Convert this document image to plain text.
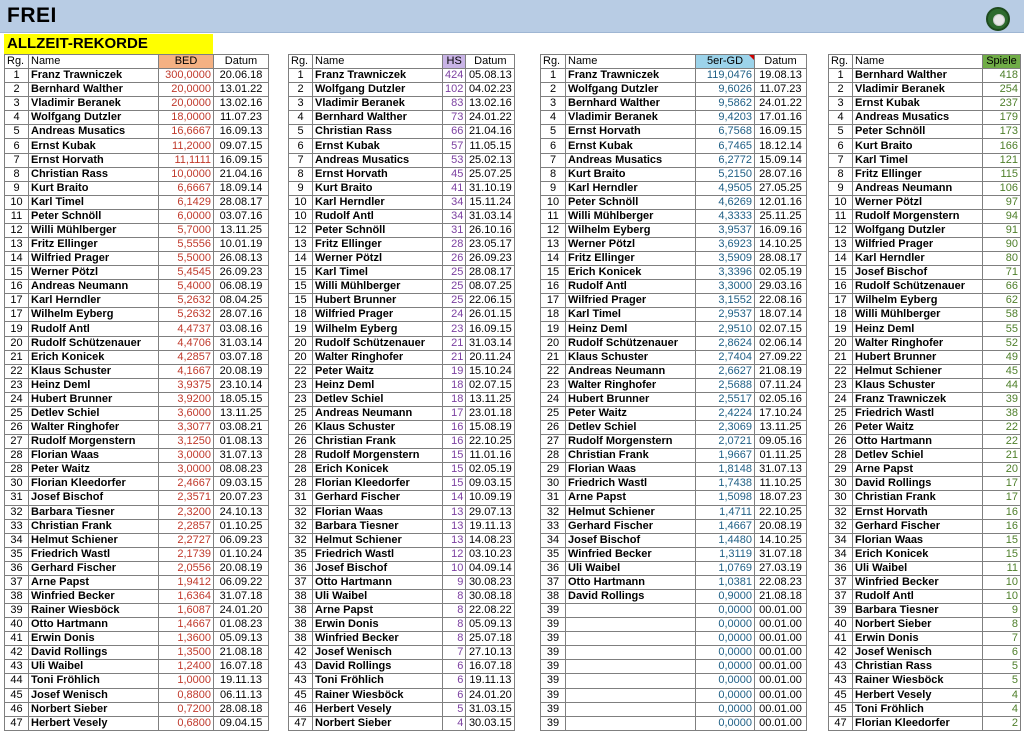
FREI
ALLZEIT-REKORDE
Rg.	Name	BED	Datum
1	Franz Trawniczek	300,0000	20.06.18
2	Bernhard Walther	20,0000	13.01.22
3	Vladimir Beranek	20,0000	13.02.16
4	Wolfgang Dutzler	18,0000	11.07.23
5	Andreas Musatics	16,6667	16.09.13
6	Ernst Kubak	11,2000	09.07.15
7	Ernst Horvath	11,1111	16.09.15
8	Christian Rass	10,0000	21.04.16
9	Kurt Braito	6,6667	18.09.14
10	Karl Timel	6,1429	28.08.17
11	Peter Schnöll	6,0000	03.07.16
12	Willi Mühlberger	5,7000	13.11.25
13	Fritz Ellinger	5,5556	10.01.19
14	Wilfried Prager	5,5000	26.08.13
15	Werner Pötzl	5,4545	26.09.23
16	Andreas Neumann	5,4000	06.08.19
17	Karl Herndler	5,2632	08.04.25
17	Wilhelm Eyberg	5,2632	28.07.16
19	Rudolf Antl	4,4737	03.08.16
20	Rudolf Schützenauer	4,4706	31.03.14
21	Erich Konicek	4,2857	03.07.18
22	Klaus Schuster	4,1667	20.08.19
23	Heinz Deml	3,9375	23.10.14
24	Hubert Brunner	3,9200	18.05.15
25	Detlev Schiel	3,6000	13.11.25
26	Walter Ringhofer	3,3077	03.08.21
27	Rudolf Morgenstern	3,1250	01.08.13
28	Florian Waas	3,0000	31.07.13
28	Peter Waitz	3,0000	08.08.23
30	Florian Kleedorfer	2,4667	09.03.15
31	Josef Bischof	2,3571	20.07.23
32	Barbara Tiesner	2,3200	24.10.13
33	Christian Frank	2,2857	01.10.25
34	Helmut Schiener	2,2727	06.09.23
35	Friedrich Wastl	2,1739	01.10.24
36	Gerhard Fischer	2,0556	20.08.19
37	Arne Papst	1,9412	06.09.22
38	Winfried Becker	1,6364	31.07.18
39	Rainer Wiesböck	1,6087	24.01.20
40	Otto Hartmann	1,4667	01.08.23
41	Erwin Donis	1,3600	05.09.13
42	David Rollings	1,3500	21.08.18
43	Uli Waibel	1,2400	16.07.18
44	Toni Fröhlich	1,0000	19.11.13
45	Josef Wenisch	0,8800	06.11.13
46	Norbert Sieber	0,7200	28.08.18
47	Herbert Vesely	0,6800	09.04.15
Rg.	Name	HS	Datum
1	Franz Trawniczek	424	05.08.13
2	Wolfgang Dutzler	102	04.02.23
3	Vladimir Beranek	83	13.02.16
4	Bernhard Walther	73	24.01.22
5	Christian Rass	66	21.04.16
6	Ernst Kubak	57	11.05.15
7	Andreas Musatics	53	25.02.13
8	Ernst Horvath	45	25.07.25
9	Kurt Braito	41	31.10.19
10	Karl Herndler	34	15.11.24
10	Rudolf Antl	34	31.03.14
12	Peter Schnöll	31	26.10.16
13	Fritz Ellinger	28	23.05.17
14	Werner Pötzl	26	26.09.23
15	Karl Timel	25	28.08.17
15	Willi Mühlberger	25	08.07.25
15	Hubert Brunner	25	22.06.15
18	Wilfried Prager	24	26.01.15
19	Wilhelm Eyberg	23	16.09.15
20	Rudolf Schützenauer	21	31.03.14
20	Walter Ringhofer	21	20.11.24
22	Peter Waitz	19	15.10.24
23	Heinz Deml	18	02.07.15
23	Detlev Schiel	18	13.11.25
25	Andreas Neumann	17	23.01.18
26	Klaus Schuster	16	15.08.19
26	Christian Frank	16	22.10.25
28	Rudolf Morgenstern	15	11.01.16
28	Erich Konicek	15	02.05.19
28	Florian Kleedorfer	15	09.03.15
31	Gerhard Fischer	14	10.09.19
32	Florian Waas	13	29.07.13
32	Barbara Tiesner	13	19.11.13
32	Helmut Schiener	13	14.08.23
35	Friedrich Wastl	12	03.10.23
36	Josef Bischof	10	04.09.14
37	Otto Hartmann	9	30.08.23
38	Uli Waibel	8	30.08.18
38	Arne Papst	8	22.08.22
38	Erwin Donis	8	05.09.13
38	Winfried Becker	8	25.07.18
42	Josef Wenisch	7	27.10.13
43	David Rollings	6	16.07.18
43	Toni Fröhlich	6	19.11.13
45	Rainer Wiesböck	6	24.01.20
46	Herbert Vesely	5	31.03.15
47	Norbert Sieber	4	30.03.15
Rg.	Name	5er-GD	Datum
1	Franz Trawniczek	119,0476	19.08.13
2	Wolfgang Dutzler	9,6026	11.07.23
3	Bernhard Walther	9,5862	24.01.22
4	Vladimir Beranek	9,4203	17.01.16
5	Ernst Horvath	6,7568	16.09.15
6	Ernst Kubak	6,7465	18.12.14
7	Andreas Musatics	6,2772	15.09.14
8	Kurt Braito	5,2150	28.07.16
9	Karl Herndler	4,9505	27.05.25
10	Peter Schnöll	4,6269	12.01.16
11	Willi Mühlberger	4,3333	25.11.25
12	Wilhelm Eyberg	3,9537	16.09.16
13	Werner Pötzl	3,6923	14.10.25
14	Fritz Ellinger	3,5909	28.08.17
15	Erich Konicek	3,3396	02.05.19
16	Rudolf Antl	3,3000	29.03.16
17	Wilfried Prager	3,1552	22.08.16
18	Karl Timel	2,9537	18.07.14
19	Heinz Deml	2,9510	02.07.15
20	Rudolf Schützenauer	2,8624	02.06.14
21	Klaus Schuster	2,7404	27.09.22
22	Andreas Neumann	2,6627	21.08.19
23	Walter Ringhofer	2,5688	07.11.24
24	Hubert Brunner	2,5517	02.05.16
25	Peter Waitz	2,4224	17.10.24
26	Detlev Schiel	2,3069	13.11.25
27	Rudolf Morgenstern	2,0721	09.05.16
28	Christian Frank	1,9667	01.11.25
29	Florian Waas	1,8148	31.07.13
30	Friedrich Wastl	1,7438	11.10.25
31	Arne Papst	1,5098	18.07.23
32	Helmut Schiener	1,4711	22.10.25
33	Gerhard Fischer	1,4667	20.08.19
34	Josef Bischof	1,4480	14.10.25
35	Winfried Becker	1,3119	31.07.18
36	Uli Waibel	1,0769	27.03.19
37	Otto Hartmann	1,0381	22.08.23
38	David Rollings	0,9000	21.08.18
39		0,0000	00.01.00
39		0,0000	00.01.00
39		0,0000	00.01.00
39		0,0000	00.01.00
39		0,0000	00.01.00
39		0,0000	00.01.00
39		0,0000	00.01.00
39		0,0000	00.01.00
39		0,0000	00.01.00
Rg.	Name	Spiele
1	Bernhard Walther	418
2	Vladimir Beranek	254
3	Ernst Kubak	237
4	Andreas Musatics	179
5	Peter Schnöll	173
6	Kurt Braito	166
7	Karl Timel	121
8	Fritz Ellinger	115
9	Andreas Neumann	106
10	Werner Pötzl	97
11	Rudolf Morgenstern	94
12	Wolfgang Dutzler	91
13	Wilfried Prager	90
14	Karl Herndler	80
15	Josef Bischof	71
16	Rudolf Schützenauer	66
17	Wilhelm Eyberg	62
18	Willi Mühlberger	58
19	Heinz Deml	55
20	Walter Ringhofer	52
21	Hubert Brunner	49
22	Helmut Schiener	45
23	Klaus Schuster	44
24	Franz Trawniczek	39
25	Friedrich Wastl	38
26	Peter Waitz	22
26	Otto Hartmann	22
28	Detlev Schiel	21
29	Arne Papst	20
30	David Rollings	17
30	Christian Frank	17
32	Ernst Horvath	16
32	Gerhard Fischer	16
34	Florian Waas	15
34	Erich Konicek	15
36	Uli Waibel	11
37	Winfried Becker	10
37	Rudolf Antl	10
39	Barbara Tiesner	9
40	Norbert Sieber	8
41	Erwin Donis	7
42	Josef Wenisch	6
43	Christian Rass	5
43	Rainer Wiesböck	5
45	Herbert Vesely	4
45	Toni Fröhlich	4
47	Florian Kleedorfer	2
